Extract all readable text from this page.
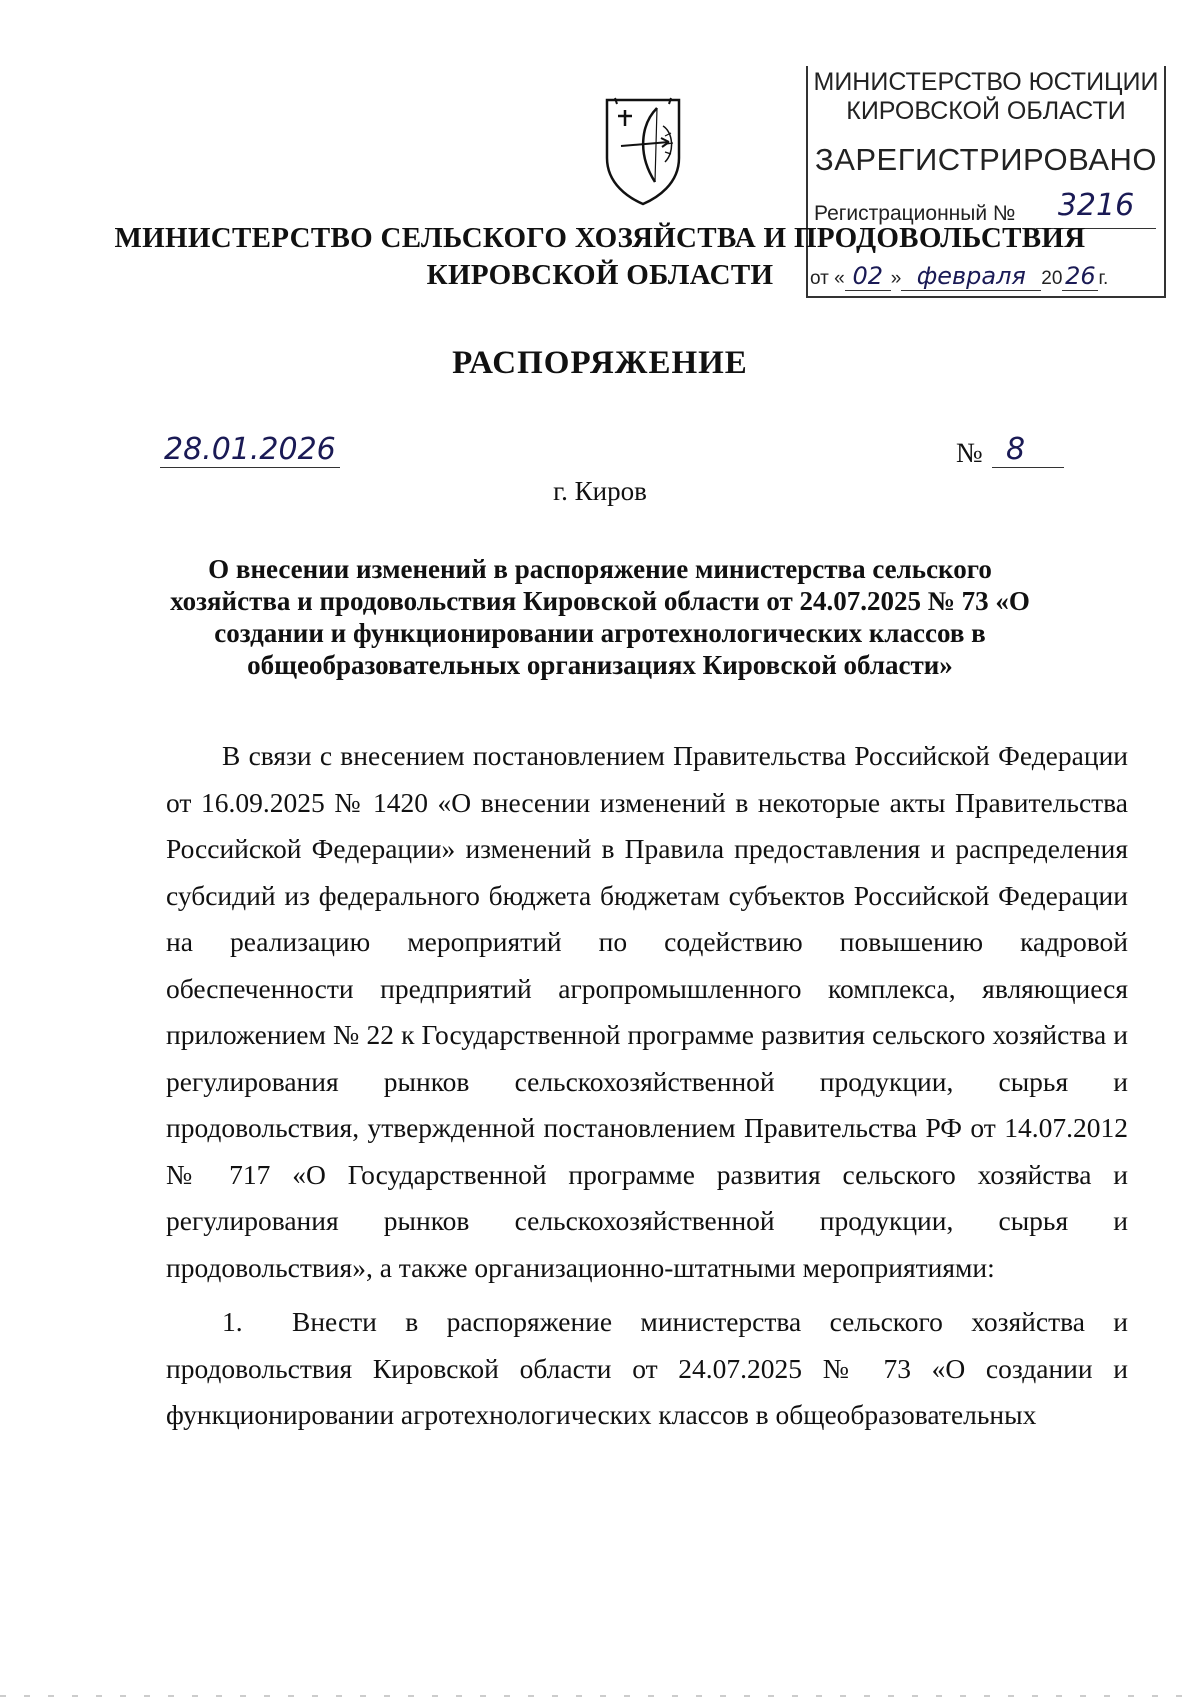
МИНИСТЕРСТВО ЮСТИЦИИ
КИРОВСКОЙ ОБЛАСТИ
ЗАРЕГИСТРИРОВАНО
Регистрационный №	3216
от « 02 » февраля 20 26 г.
МИНИСТЕРСТВО СЕЛЬСКОГО ХОЗЯЙСТВА И ПРОДОВОЛЬСТВИЯ
КИРОВСКОЙ ОБЛАСТИ
РАСПОРЯЖЕНИЕ
28.01.2026	№ 8
г. Киров
О внесении изменений в распоряжение министерства сельского хозяйства и продовольствия Кировской области от 24.07.2025 № 73 «О создании и функционировании агротехнологических классов в общеобразовательных организациях Кировской области»

В связи с внесением постановлением Правительства Российской Федерации от 16.09.2025 № 1420 «О внесении изменений в некоторые акты Правительства Российской Федерации» изменений в Правила предоставления и распределения субсидий из федерального бюджета бюджетам субъектов Российской Федерации на реализацию мероприятий по содействию повышению кадровой обеспеченности предприятий агропромышленного комплекса, являющиеся приложением № 22 к Государственной программе развития сельского хозяйства и регулирования рынков сельскохозяйственной продукции, сырья и продовольствия, утвержденной постановлением Правительства РФ от 14.07.2012 № 717 «О Государственной программе развития сельского хозяйства и регулирования рынков сельскохозяйственной продукции, сырья и продовольствия», а также организационно-штатными мероприятиями:

1. Внести в распоряжение министерства сельского хозяйства и продовольствия Кировской области от 24.07.2025 № 73 «О создании и функционировании агротехнологических классов в общеобразовательных
